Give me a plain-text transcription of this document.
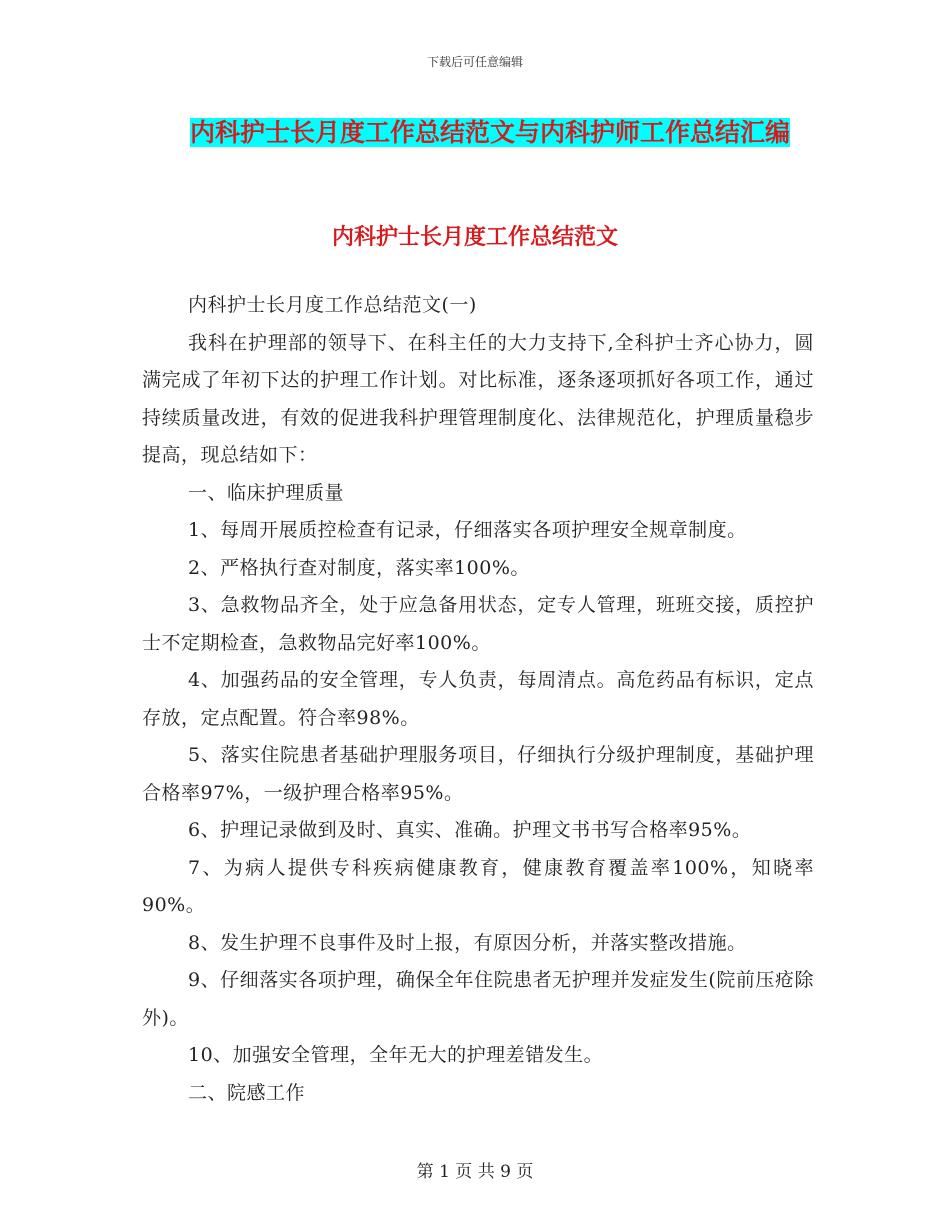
下载后可任意编辑
内科护士长月度工作总结范文与内科护师工作总结汇编
内科护士长月度工作总结范文

内科护士长月度工作总结范文(一)

我科在护理部的领导下、在科主任的大力支持下,全科护士齐心协力，圆满完成了年初下达的护理工作计划。对比标准，逐条逐项抓好各项工作，通过持续质量改进，有效的促进我科护理管理制度化、法律规范化，护理质量稳步提高，现总结如下：

一、临床护理质量

1、每周开展质控检查有记录，仔细落实各项护理安全规章制度。

2、严格执行查对制度，落实率100%。

3、急救物品齐全，处于应急备用状态，定专人管理，班班交接，质控护士不定期检查，急救物品完好率100%。

4、加强药品的安全管理，专人负责，每周清点。高危药品有标识，定点存放，定点配置。符合率98%。

5、落实住院患者基础护理服务项目，仔细执行分级护理制度，基础护理合格率97%，一级护理合格率95%。

6、护理记录做到及时、真实、准确。护理文书书写合格率95%。

7、为病人提供专科疾病健康教育，健康教育覆盖率100%，知晓率90%。

8、发生护理不良事件及时上报，有原因分析，并落实整改措施。

9、仔细落实各项护理，确保全年住院患者无护理并发症发生(院前压疮除外)。

10、加强安全管理，全年无大的护理差错发生。

二、院感工作

第 1 页 共 9 页
